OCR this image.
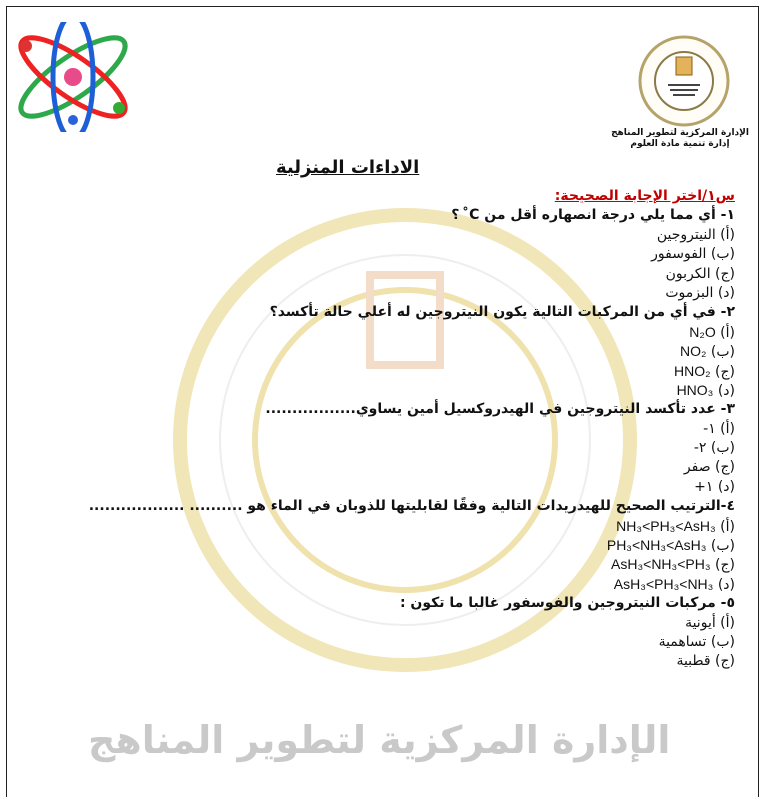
الإدارة المركزية لتطوير المناهج
الإدارة المركزية لتطوير المناهج
إدارة تنمية مادة العلوم
الاداءات المنزلية
س١/اختر الإجابة الصحيحة:
١- أي مما يلي درجة انصهاره أقل من C ̊ ؟
(أ) النيتروجين
(ب) الفوسفور
(ج) الكربون
(د) البزموت
٢- في أي من المركبات التالية يكون النيتروجين له أعلي حالة تأكسد؟
(أ) N₂O
(ب) NO₂
(ج) HNO₂
(د) HNO₃
٣- عدد تأكسد النيتروجين في الهيدروكسيل أمين يساوي.................
(أ) ١-
(ب) ٢-
(ج) صفر
(د) ١+
٤-الترتيب الصحيح للهيدريدات التالية وفقًا لقابليتها للذوبان في الماء هو .......... ..................
(أ) NH₃<PH₃<AsH₃
(ب) PH₃<NH₃<AsH₃
(ج) AsH₃<NH₃<PH₃
(د) AsH₃<PH₃<NH₃
٥- مركبات النيتروجين والفوسفور غالبا ما تكون :
(أ) أيونية
(ب) تساهمية
(ج) قطبية
